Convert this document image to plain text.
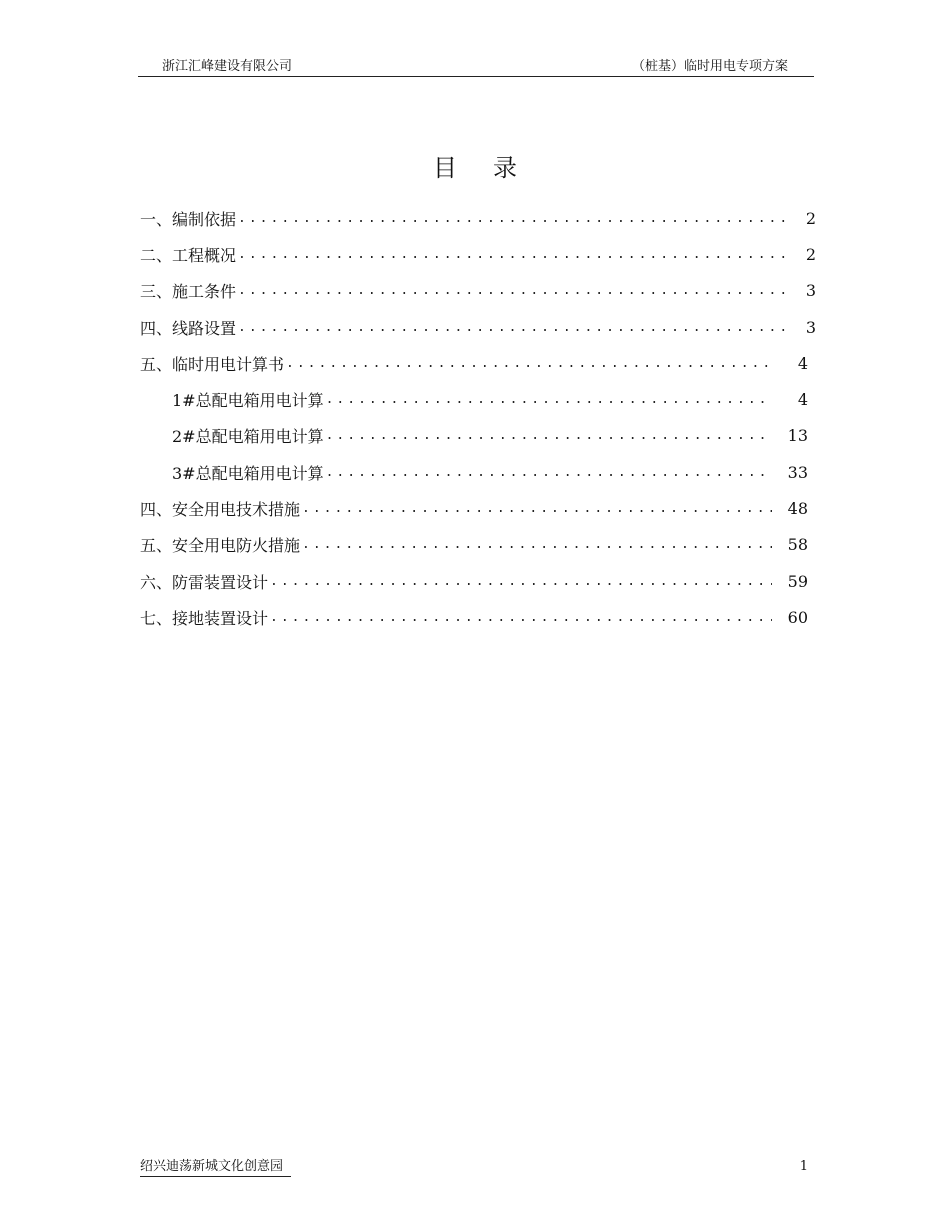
浙江汇峰建设有限公司	（桩基）临时用电专项方案
目录
一、编制依据 .....	2
二、工程概况 .....	2
三、施工条件 .....	3
四、线路设置 .....	3
五、临时用电计算书 .....	4
1#总配电箱用电计算 .....	4
2#总配电箱用电计算 .....	13
3#总配电箱用电计算 .....	33
四、安全用电技术措施 .....	48
五、安全用电防火措施 .....	58
六、防雷装置设计 .....	59
七、接地装置设计 .....	60
绍兴迪荡新城文化创意园	1
